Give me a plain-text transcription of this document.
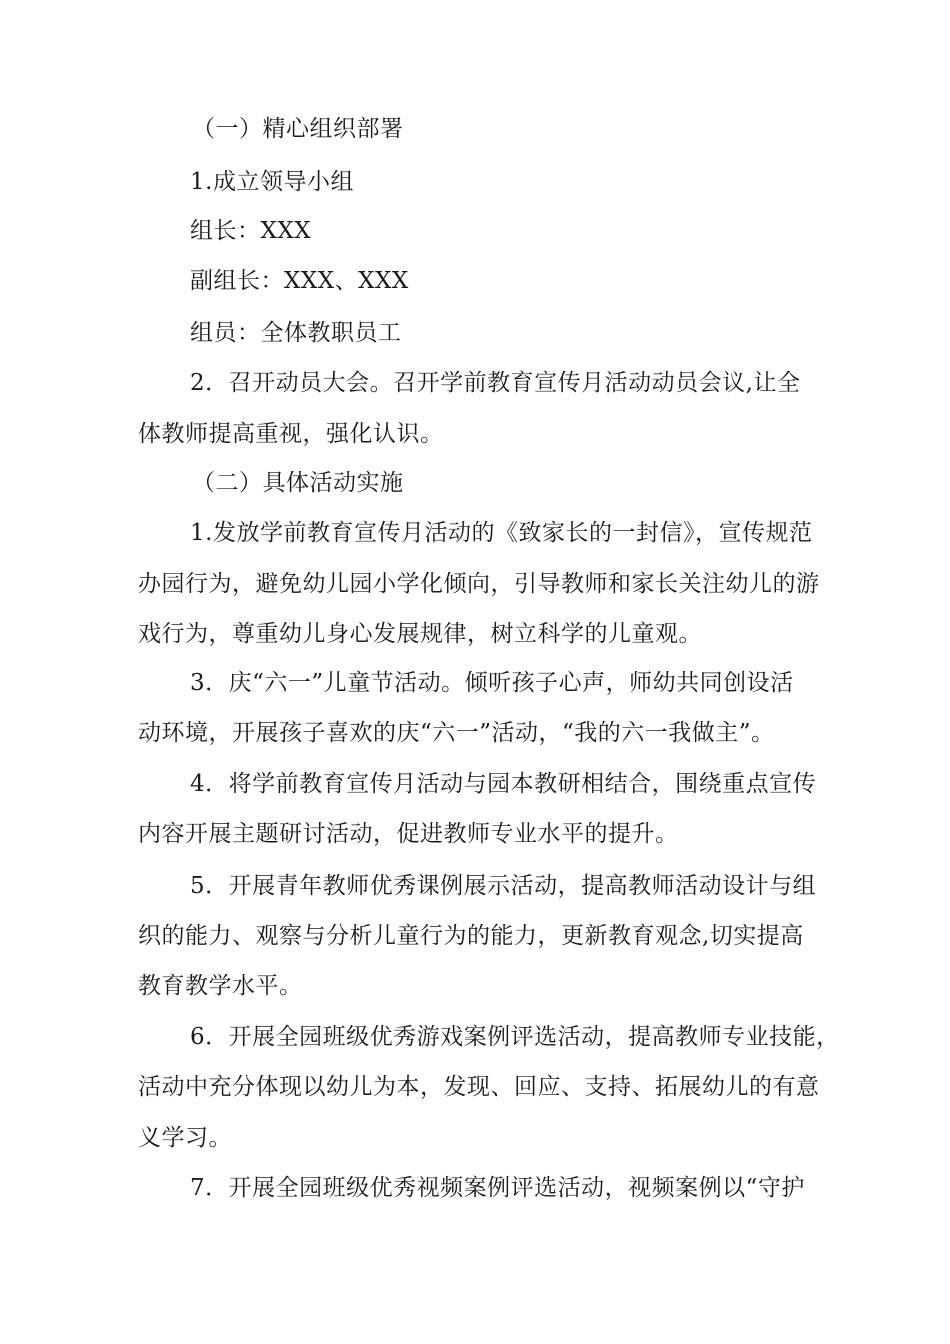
（一）精心组织部署
1.成立领导小组
组长：XXX
副组长：XXX、XXX
组员：全体教职员工
2．召开动员大会。召开学前教育宣传月活动动员会议,让全
体教师提高重视，强化认识。
（二）具体活动实施
1.发放学前教育宣传月活动的《致家长的一封信》，宣传规范
办园行为，避免幼儿园小学化倾向，引导教师和家长关注幼儿的游
戏行为，尊重幼儿身心发展规律，树立科学的儿童观。
3．庆“六一”儿童节活动。倾听孩子心声，师幼共同创设活
动环境，开展孩子喜欢的庆“六一”活动，“我的六一我做主”。
4．将学前教育宣传月活动与园本教研相结合，围绕重点宣传
内容开展主题研讨活动，促进教师专业水平的提升。
5．开展青年教师优秀课例展示活动，提高教师活动设计与组
织的能力、观察与分析儿童行为的能力，更新教育观念,切实提高
教育教学水平。
6．开展全园班级优秀游戏案例评选活动，提高教师专业技能，
活动中充分体现以幼儿为本，发现、回应、支持、拓展幼儿的有意
义学习。
7．开展全园班级优秀视频案例评选活动，视频案例以“守护
